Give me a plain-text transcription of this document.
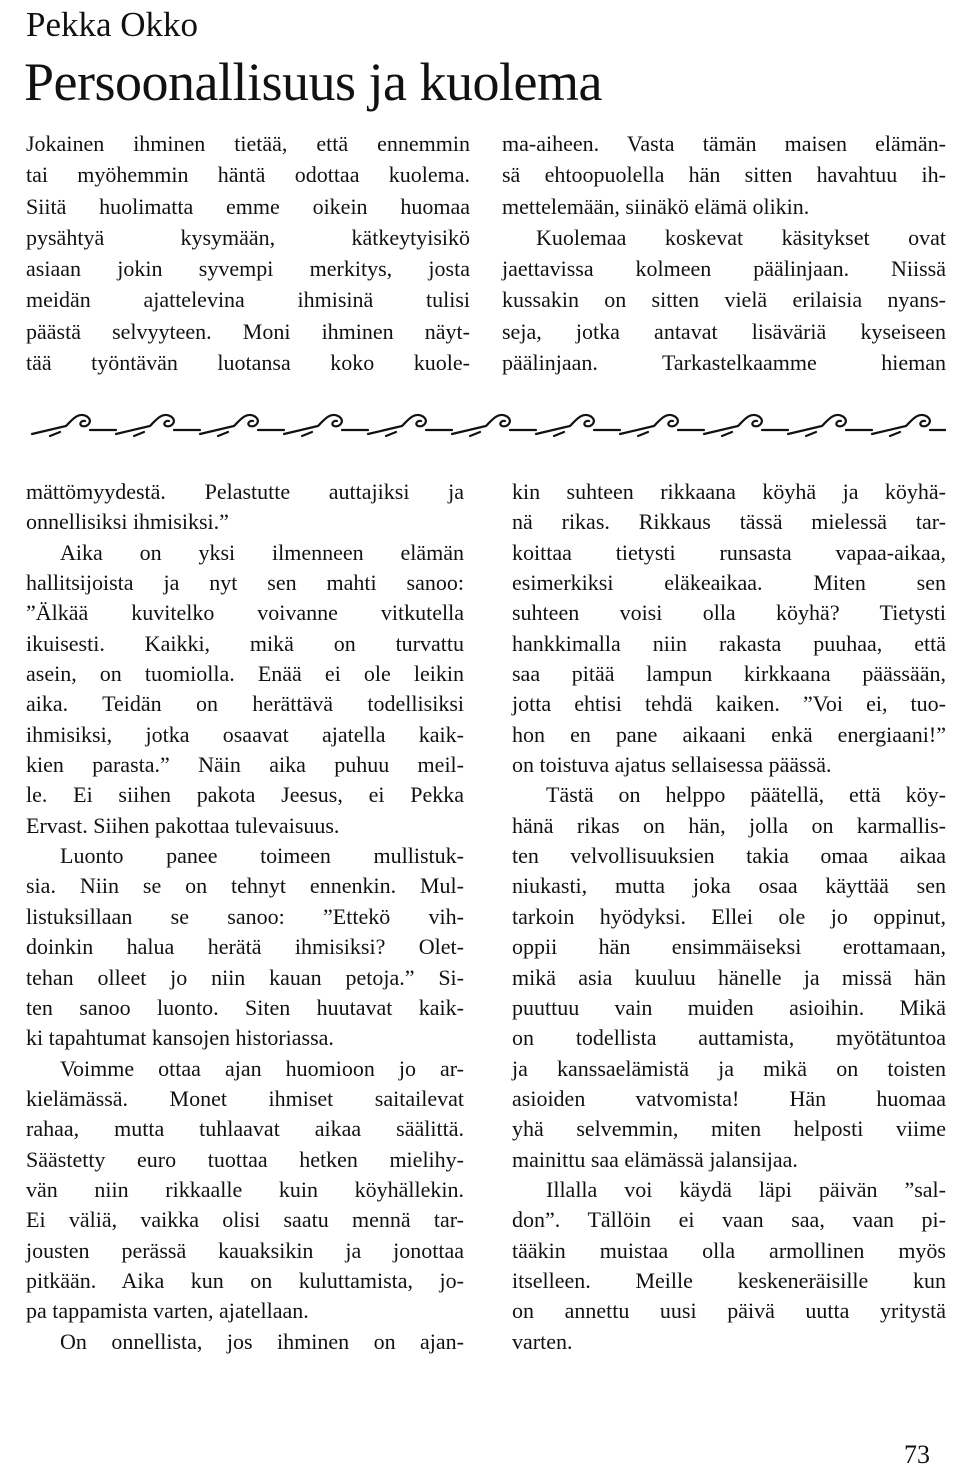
Pekka Okko
Persoonallisuus ja kuolema
Jokainen ihminen tietää, että ennemmin
tai myöhemmin häntä odottaa kuolema.
Siitä huolimatta emme oikein huomaa
pysähtyä kysymään, kätkeytyisikö
asiaan jokin syvempi merkitys, josta
meidän ajattelevina ihmisinä tulisi
päästä selvyyteen. Moni ihminen näyt-
tää työntävän luotansa koko kuole-
ma-aiheen. Vasta tämän maisen elämän-
sä ehtoopuolella hän sitten havahtuu ih-
mettelemään, siinäkö elämä olikin.
Kuolemaa koskevat käsitykset ovat
jaettavissa kolmeen päälinjaan. Niissä
kussakin on sitten vielä erilaisia nyans-
seja, jotka antavat lisäväriä kyseiseen
päälinjaan. Tarkastelkaamme hieman
mättömyydestä. Pelastutte auttajiksi ja
onnellisiksi ihmisiksi.”
Aika on yksi ilmenneen elämän
hallitsijoista ja nyt sen mahti sanoo:
”Älkää kuvitelko voivanne vitkutella
ikuisesti. Kaikki, mikä on turvattu
asein, on tuomiolla. Enää ei ole leikin
aika. Teidän on herättävä todellisiksi
ihmisiksi, jotka osaavat ajatella kaik-
kien parasta.” Näin aika puhuu meil-
le. Ei siihen pakota Jeesus, ei Pekka
Ervast. Siihen pakottaa tulevaisuus.
Luonto panee toimeen mullistuk-
sia. Niin se on tehnyt ennenkin. Mul-
listuksillaan se sanoo: ”Ettekö vih-
doinkin halua herätä ihmisiksi? Olet-
tehan olleet jo niin kauan petoja.” Si-
ten sanoo luonto. Siten huutavat kaik-
ki tapahtumat kansojen historiassa.
Voimme ottaa ajan huomioon jo ar-
kielämässä. Monet ihmiset saitailevat
rahaa, mutta tuhlaavat aikaa säälittä.
Säästetty euro tuottaa hetken mielihy-
vän niin rikkaalle kuin köyhällekin.
Ei väliä, vaikka olisi saatu mennä tar-
jousten perässä kauaksikin ja jonottaa
pitkään. Aika kun on kuluttamista, jo-
pa tappamista varten, ajatellaan.
On onnellista, jos ihminen on ajan-
kin suhteen rikkaana köyhä ja köyhä-
nä rikas. Rikkaus tässä mielessä tar-
koittaa tietysti runsasta vapaa-aikaa,
esimerkiksi eläkeaikaa. Miten sen
suhteen voisi olla köyhä? Tietysti
hankkimalla niin rakasta puuhaa, että
saa pitää lampun kirkkaana päässään,
jotta ehtisi tehdä kaiken. ”Voi ei, tuo-
hon en pane aikaani enkä energiaani!”
on toistuva ajatus sellaisessa päässä.
Tästä on helppo päätellä, että köy-
hänä rikas on hän, jolla on karmallis-
ten velvollisuuksien takia omaa aikaa
niukasti, mutta joka osaa käyttää sen
tarkoin hyödyksi. Ellei ole jo oppinut,
oppii hän ensimmäiseksi erottamaan,
mikä asia kuuluu hänelle ja missä hän
puuttuu vain muiden asioihin. Mikä
on todellista auttamista, myötätuntoa
ja kanssaelämistä ja mikä on toisten
asioiden vatvomista! Hän huomaa
yhä selvemmin, miten helposti viime
mainittu saa elämässä jalansijaa.
Illalla voi käydä läpi päivän ”sal-
don”. Tällöin ei vaan saa, vaan pi-
tääkin muistaa olla armollinen myös
itselleen. Meille keskeneräisille kun
on annettu uusi päivä uutta yritystä
varten.
73
